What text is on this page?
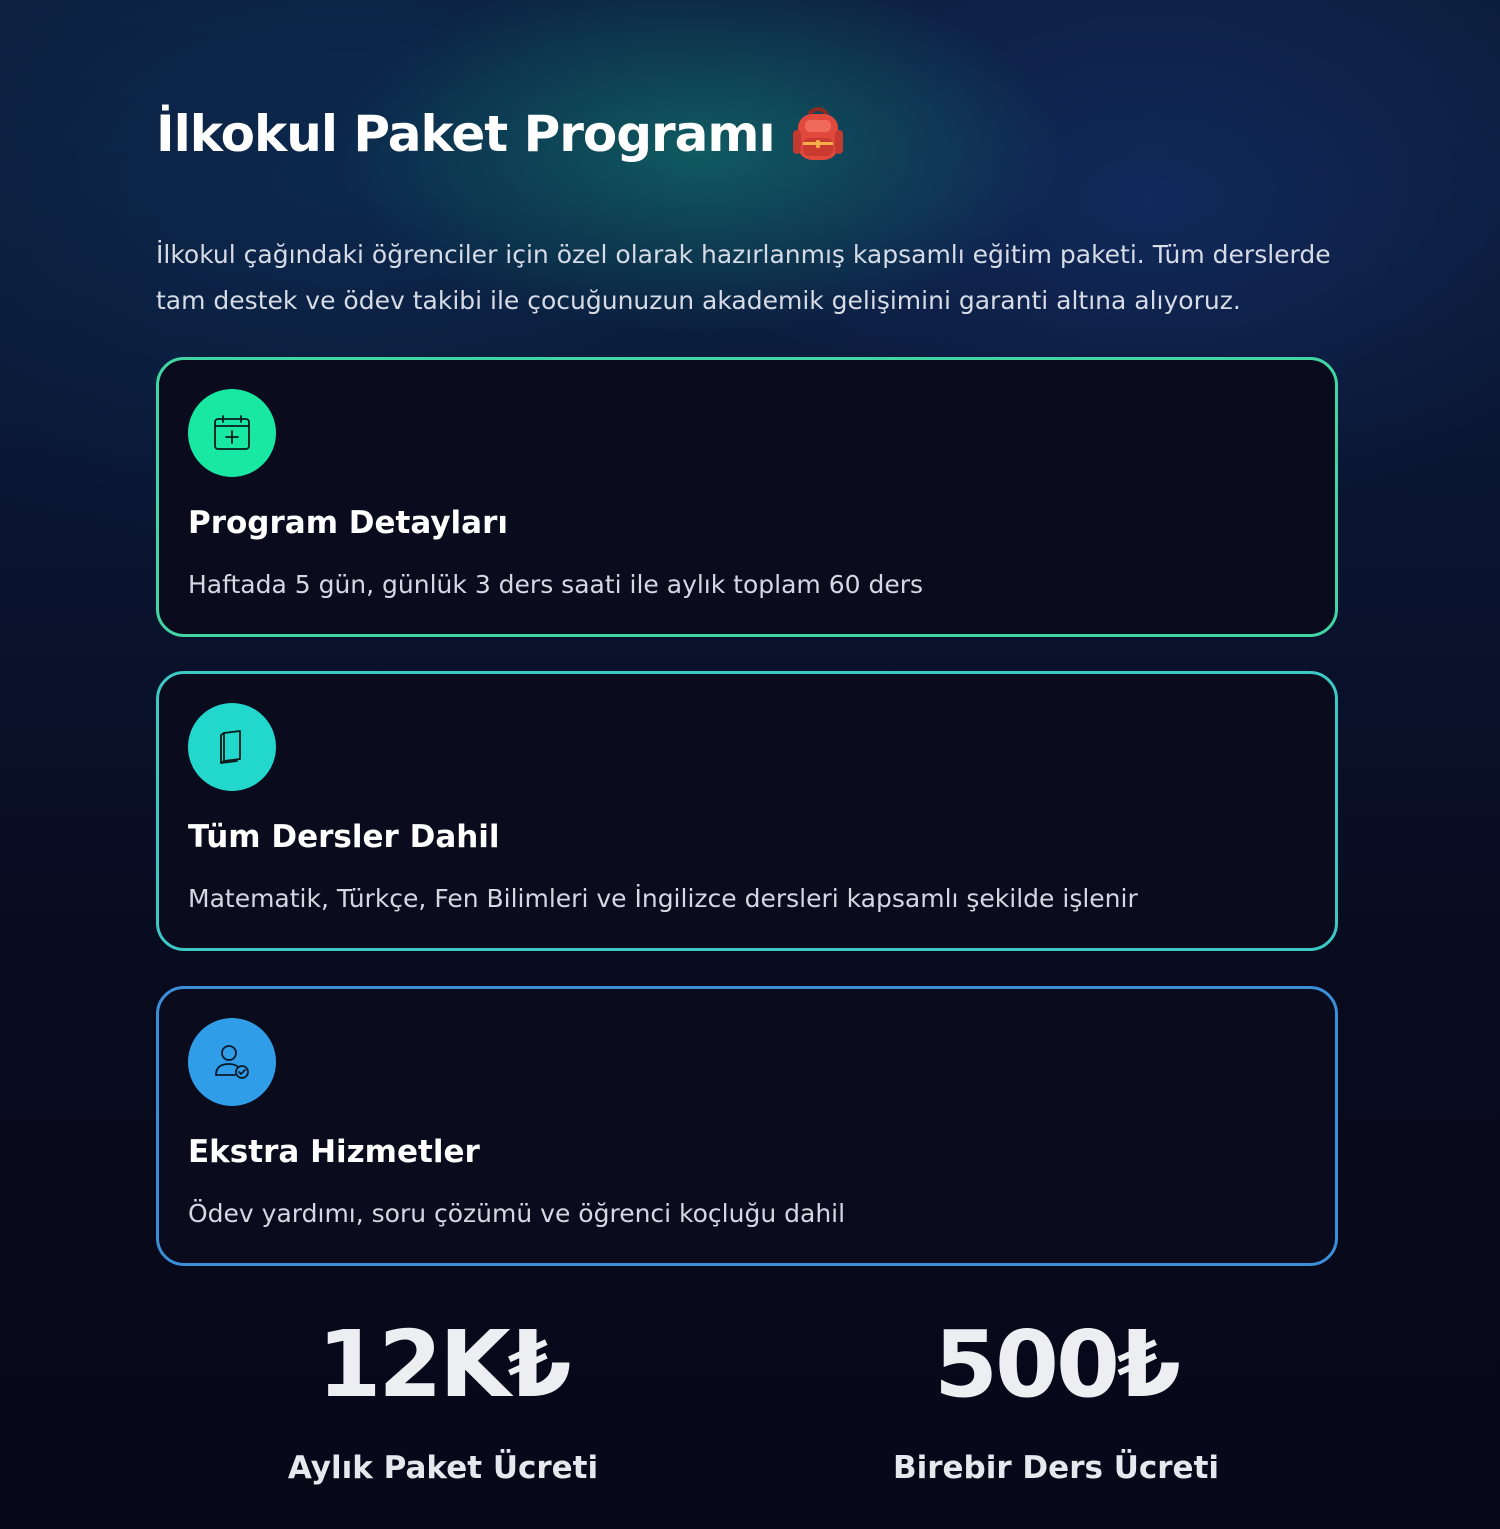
İlkokul Paket Programı

İlkokul çağındaki öğrenciler için özel olarak hazırlanmış kapsamlı eğitim paketi. Tüm derslerde tam destek ve ödev takibi ile çocuğunuzun akademik gelişimini garanti altına alıyoruz.

Program Detayları

Haftada 5 gün, günlük 3 ders saati ile aylık toplam 60 ders

Tüm Dersler Dahil

Matematik, Türkçe, Fen Bilimleri ve İngilizce dersleri kapsamlı şekilde işlenir

Ekstra Hizmetler

Ödev yardımı, soru çözümü ve öğrenci koçluğu dahil

12K₺
Aylık Paket Ücreti
500₺
Birebir Ders Ücreti
